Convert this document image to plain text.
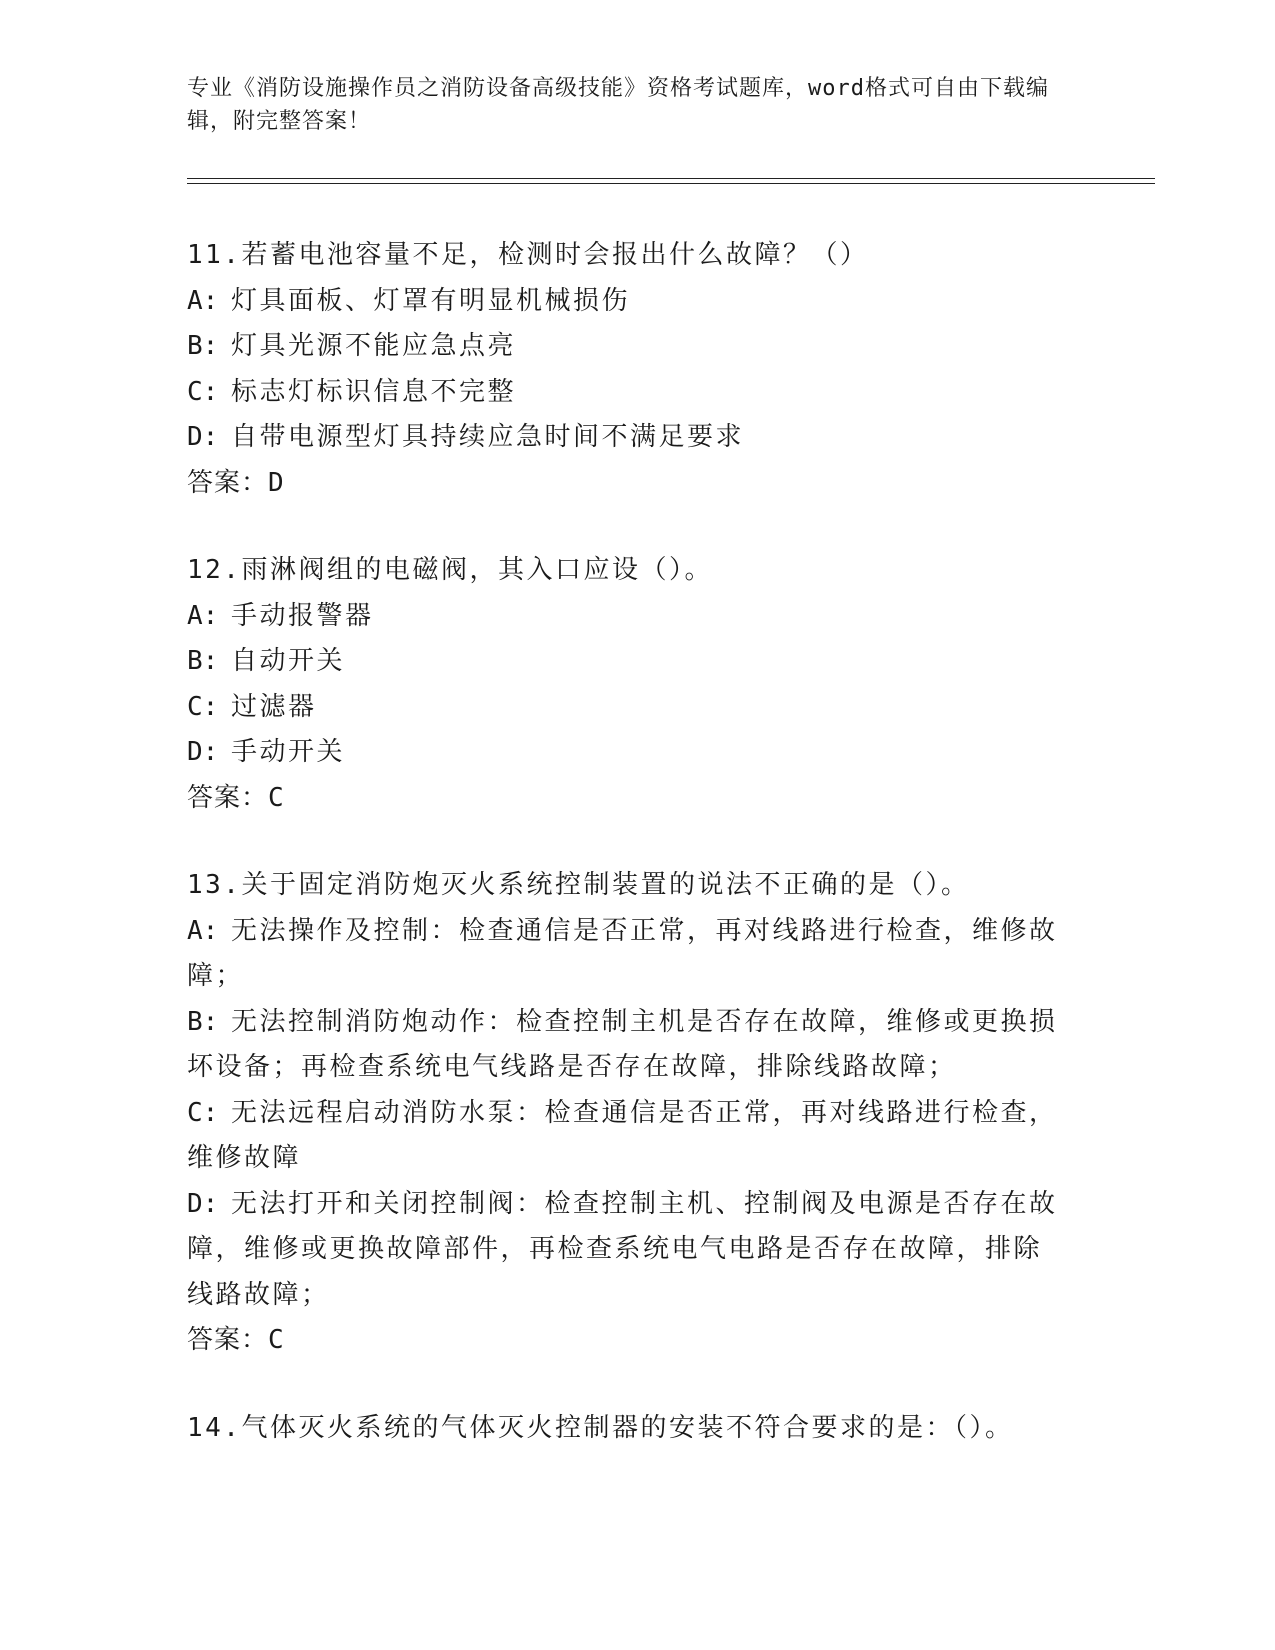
专业《消防设施操作员之消防设备高级技能》资格考试题库，word格式可自由下载编辑，附完整答案！
11.若蓄电池容量不足，检测时会报出什么故障？（）
A: 灯具面板、灯罩有明显机械损伤
B: 灯具光源不能应急点亮
C: 标志灯标识信息不完整
D: 自带电源型灯具持续应急时间不满足要求
答案：D
12.雨淋阀组的电磁阀，其入口应设（）。
A: 手动报警器
B: 自动开关
C: 过滤器
D: 手动开关
答案：C
13.关于固定消防炮灭火系统控制装置的说法不正确的是（）。
A: 无法操作及控制：检查通信是否正常，再对线路进行检查，维修故障；
B: 无法控制消防炮动作：检查控制主机是否存在故障，维修或更换损坏设备；再检查系统电气线路是否存在故障，排除线路故障；
C: 无法远程启动消防水泵：检查通信是否正常，再对线路进行检查，维修故障
D: 无法打开和关闭控制阀：检查控制主机、控制阀及电源是否存在故障，维修或更换故障部件，再检查系统电气电路是否存在故障，排除线路故障；
答案：C
14.气体灭火系统的气体灭火控制器的安装不符合要求的是：（）。
